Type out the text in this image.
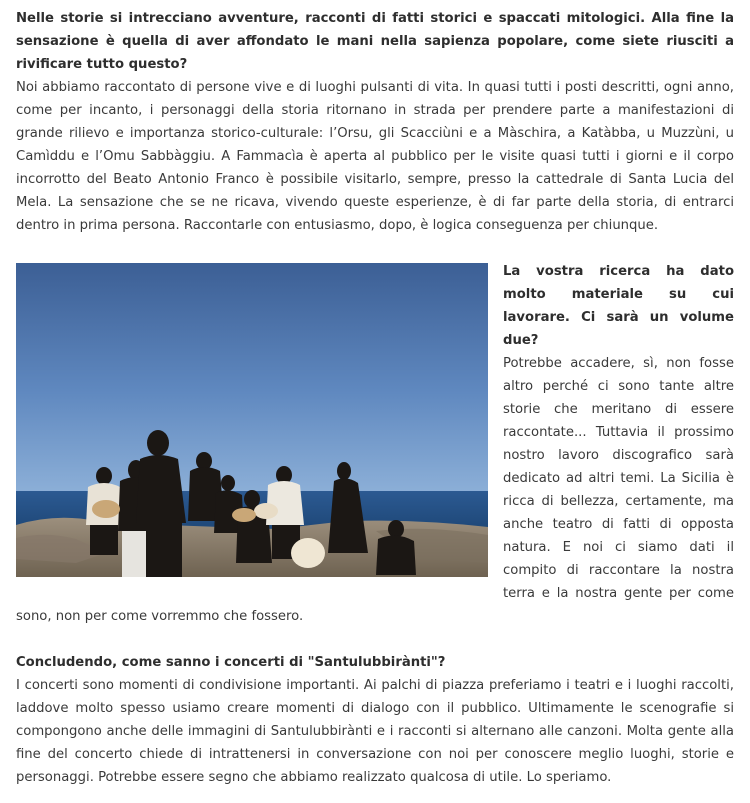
Nelle storie si intrecciano avventure, racconti di fatti storici e spaccati mitologici. Alla fine la sensazione è quella di aver affondato le mani nella sapienza popolare, come siete riusciti a rivificare tutto questo?

Noi abbiamo raccontato di persone vive e di luoghi pulsanti di vita. In quasi tutti i posti descritti, ogni anno, come per incanto, i personaggi della storia ritornano in strada per prendere parte a manifestazioni di grande rilievo e importanza storico-culturale: l’Orsu, gli Scacciùni e a Màschira, a Katàbba, u Muzzùni, u Camìddu e l’Omu Sabbàggiu. A Fammacìa è aperta al pubblico per le visite quasi tutti i giorni e il corpo incorrotto del Beato Antonio Franco è possibile visitarlo, sempre, presso la cattedrale di Santa Lucia del Mela. La sensazione che se ne ricava, vivendo queste esperienze, è di far parte della storia, di entrarci dentro in prima persona. Raccontarle con entusiasmo, dopo, è logica conseguenza per chiunque.

La vostra ricerca ha dato molto materiale su cui lavorare. Ci sarà un volume due?

Potrebbe accadere, sì, non fosse altro perché ci sono tante altre storie che meritano di essere raccontate... Tuttavia il prossimo nostro lavoro discografico sarà dedicato ad altri temi. La Sicilia è ricca di bellezza, certamente, ma anche teatro di fatti di opposta natura. E noi ci siamo dati il compito di raccontare la nostra terra e la nostra gente per come sono, non per come vorremmo che fossero.

Concludendo, come sanno i concerti di "Santulubbirànti"?

I concerti sono momenti di condivisione importanti. Ai palchi di piazza preferiamo i teatri e i luoghi raccolti, laddove molto spesso usiamo creare momenti di dialogo con il pubblico. Ultimamente le scenografie si compongono anche delle immagini di Santulubbirànti e i racconti si alternano alle canzoni. Molta gente alla fine del concerto chiede di intrattenersi in conversazione con noi per conoscere meglio luoghi, storie e personaggi. Potrebbe essere segno che abbiamo realizzato qualcosa di utile. Lo speriamo.
